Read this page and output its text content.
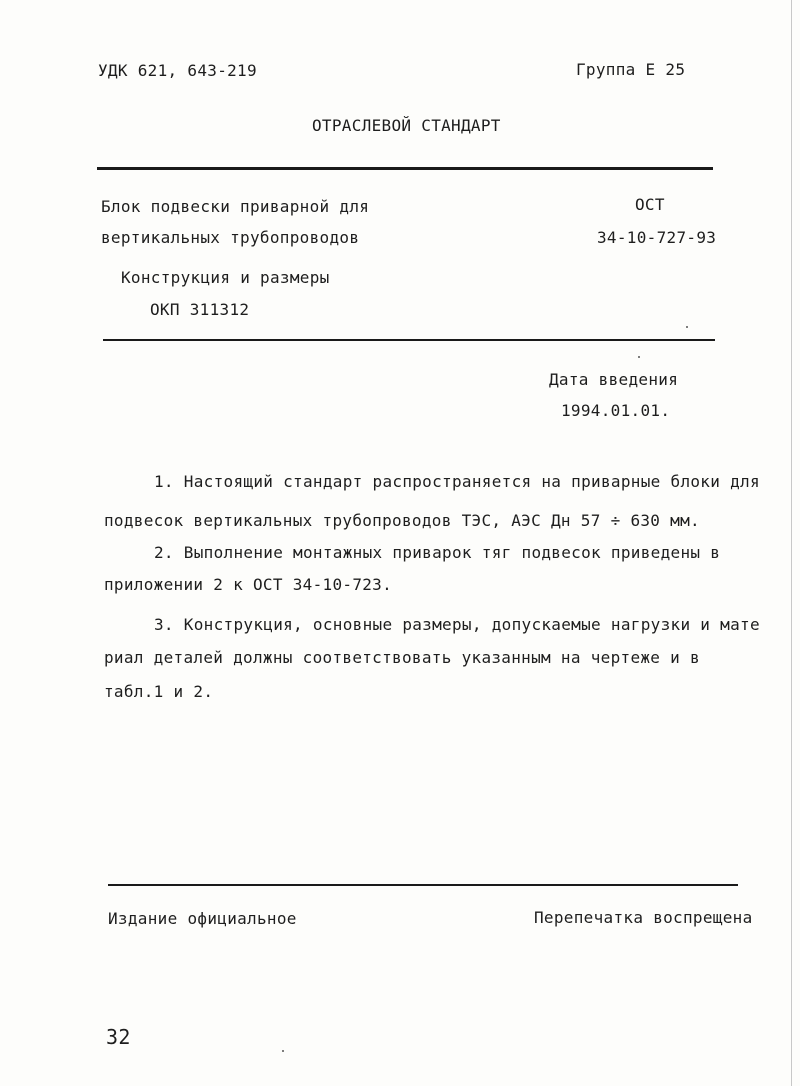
УДК 621, 643-219	Группа Е 25
ОТРАСЛЕВОЙ СТАНДАРТ
Блок подвески приварной для
вертикальных трубопроводов
Конструкция и размеры
ОКП 311312
ОСТ
34-10-727-93
Дата введения
1994.01.01.
1. Настоящий стандарт распространяется на приварные блоки для
подвесок вертикальных трубопроводов ТЭС, АЭС Дн 57 ÷ 630 мм.
2. Выполнение монтажных приварок тяг подвесок приведены в
приложении 2 к ОСТ 34-10-723.
3. Конструкция, основные размеры, допускаемые нагрузки и мате
риал деталей должны соответствовать указанным на чертеже и в
табл.1 и 2.
Издание официальное	Перепечатка воспрещена
32
